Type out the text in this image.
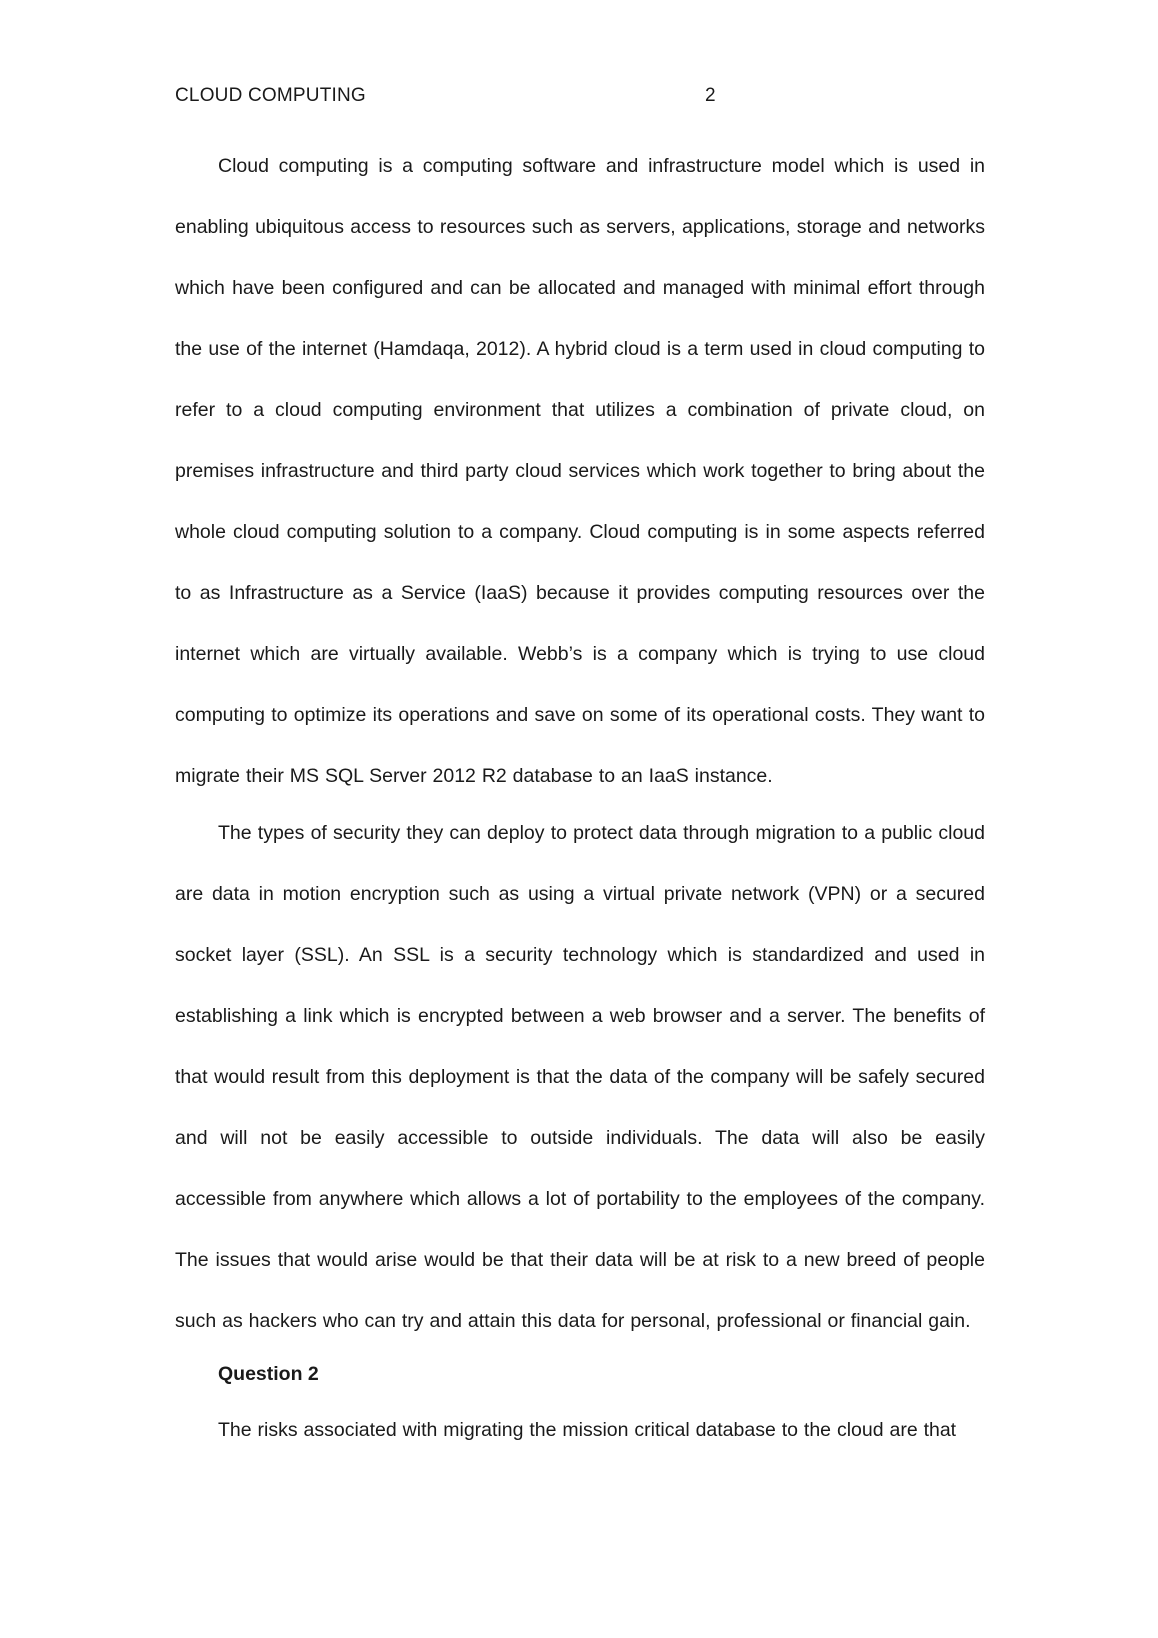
CLOUD COMPUTING	2

Cloud computing is a computing software and infrastructure model which is used in enabling ubiquitous access to resources such as servers, applications, storage and networks which have been configured and can be allocated and managed with minimal effort through the use of the internet (Hamdaqa, 2012). A hybrid cloud is a term used in cloud computing to refer to a cloud computing environment that utilizes a combination of private cloud, on premises infrastructure and third party cloud services which work together to bring about the whole cloud computing solution to a company. Cloud computing is in some aspects referred to as Infrastructure as a Service (IaaS) because it provides computing resources over the internet which are virtually available. Webb’s is a company which is trying to use cloud computing to optimize its operations and save on some of its operational costs. They want to migrate their MS SQL Server 2012 R2 database to an IaaS instance.

The types of security they can deploy to protect data through migration to a public cloud are data in motion encryption such as using a virtual private network (VPN) or a secured socket layer (SSL). An SSL is a security technology which is standardized and used in establishing a link which is encrypted between a web browser and a server. The benefits of that would result from this deployment is that the data of the company will be safely secured and will not be easily accessible to outside individuals. The data will also be easily accessible from anywhere which allows a lot of portability to the employees of the company. The issues that would arise would be that their data will be at risk to a new breed of people such as hackers who can try and attain this data for personal, professional or financial gain.

Question 2

The risks associated with migrating the mission critical database to the cloud are that
